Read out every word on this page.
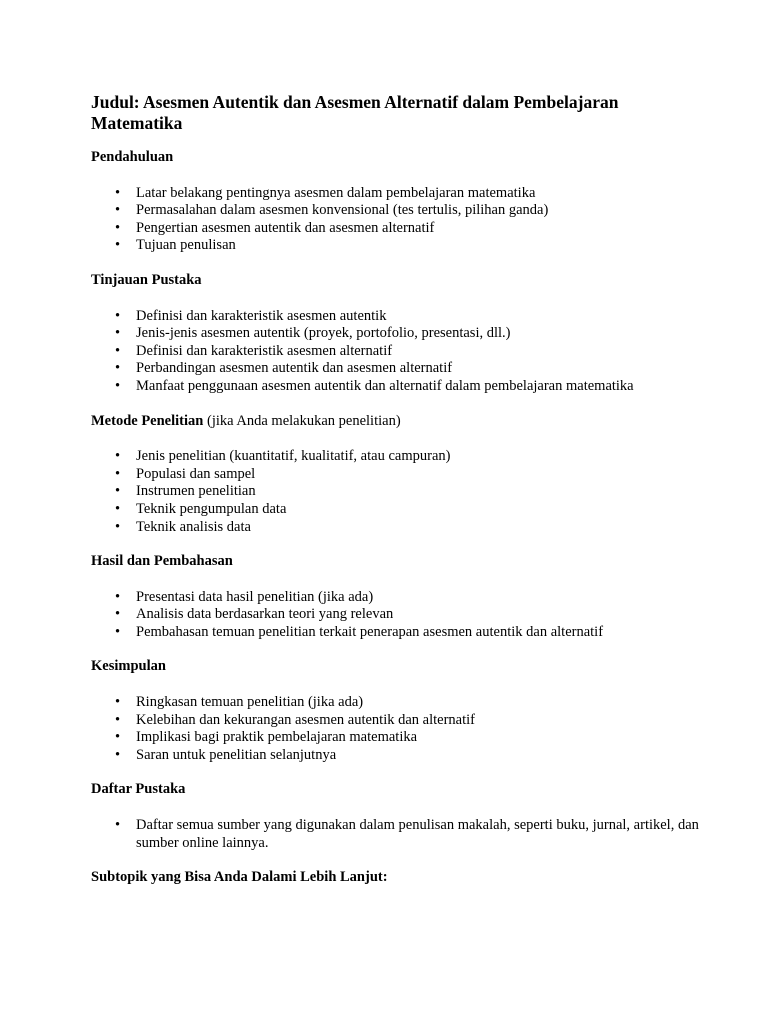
Judul: Asesmen Autentik dan Asesmen Alternatif dalam Pembelajaran Matematika

Pendahuluan

• Latar belakang pentingnya asesmen dalam pembelajaran matematika
• Permasalahan dalam asesmen konvensional (tes tertulis, pilihan ganda)
• Pengertian asesmen autentik dan asesmen alternatif
• Tujuan penulisan

Tinjauan Pustaka

• Definisi dan karakteristik asesmen autentik
• Jenis-jenis asesmen autentik (proyek, portofolio, presentasi, dll.)
• Definisi dan karakteristik asesmen alternatif
• Perbandingan asesmen autentik dan asesmen alternatif
• Manfaat penggunaan asesmen autentik dan alternatif dalam pembelajaran matematika

Metode Penelitian (jika Anda melakukan penelitian)

• Jenis penelitian (kuantitatif, kualitatif, atau campuran)
• Populasi dan sampel
• Instrumen penelitian
• Teknik pengumpulan data
• Teknik analisis data

Hasil dan Pembahasan

• Presentasi data hasil penelitian (jika ada)
• Analisis data berdasarkan teori yang relevan
• Pembahasan temuan penelitian terkait penerapan asesmen autentik dan alternatif

Kesimpulan

• Ringkasan temuan penelitian (jika ada)
• Kelebihan dan kekurangan asesmen autentik dan alternatif
• Implikasi bagi praktik pembelajaran matematika
• Saran untuk penelitian selanjutnya

Daftar Pustaka

• Daftar semua sumber yang digunakan dalam penulisan makalah, seperti buku, jurnal, artikel, dan sumber online lainnya.

Subtopik yang Bisa Anda Dalami Lebih Lanjut:
